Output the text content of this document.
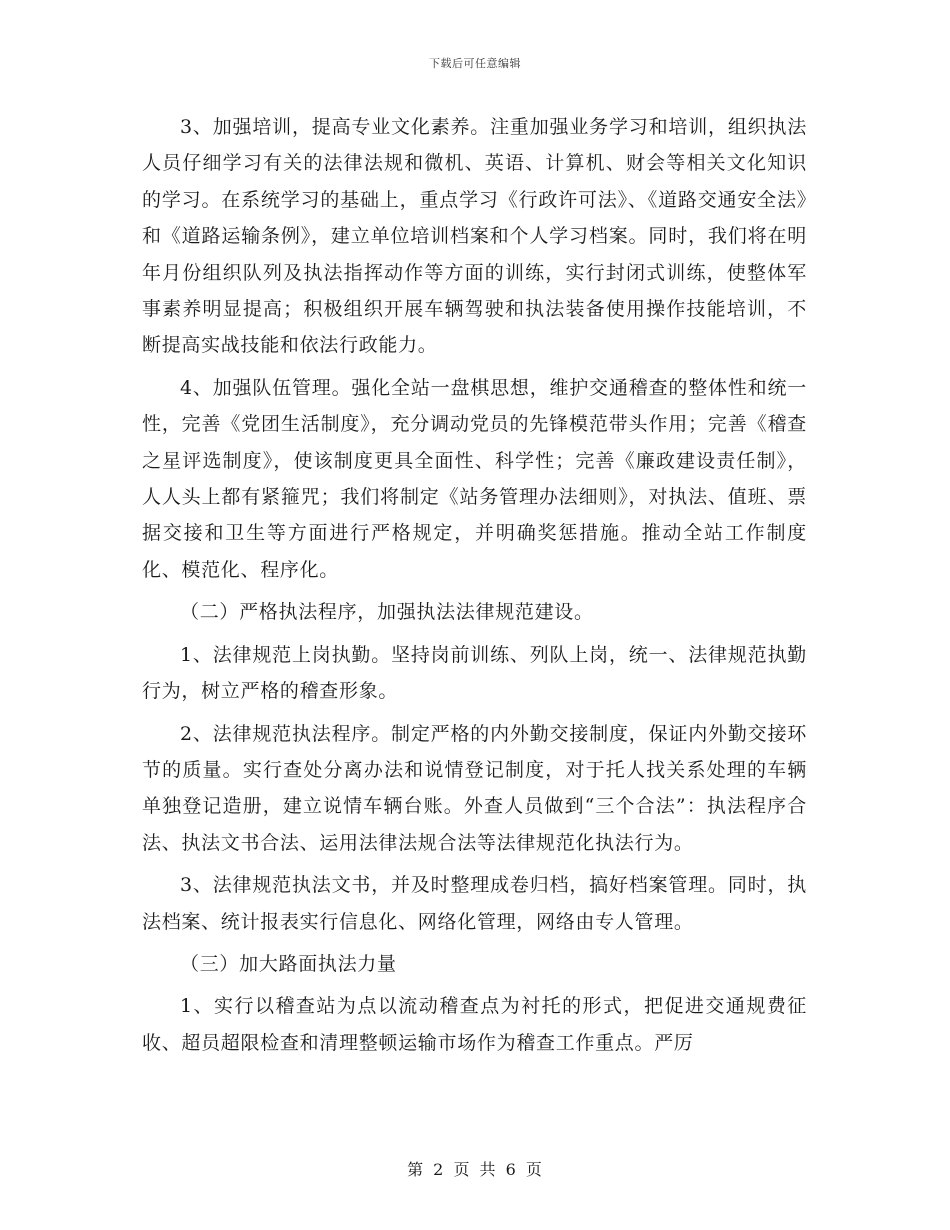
下载后可任意编辑

3、加强培训，提高专业文化素养。注重加强业务学习和培训，组织执法人员仔细学习有关的法律法规和微机、英语、计算机、财会等相关文化知识的学习。在系统学习的基础上，重点学习《行政许可法》、《道路交通安全法》和《道路运输条例》，建立单位培训档案和个人学习档案。同时，我们将在明年月份组织队列及执法指挥动作等方面的训练，实行封闭式训练，使整体军事素养明显提高；积极组织开展车辆驾驶和执法装备使用操作技能培训，不断提高实战技能和依法行政能力。

4、加强队伍管理。强化全站一盘棋思想，维护交通稽查的整体性和统一性，完善《党团生活制度》，充分调动党员的先锋模范带头作用；完善《稽查之星评选制度》，使该制度更具全面性、科学性；完善《廉政建设责任制》，人人头上都有紧箍咒；我们将制定《站务管理办法细则》，对执法、值班、票据交接和卫生等方面进行严格规定，并明确奖惩措施。推动全站工作制度化、模范化、程序化。

（二）严格执法程序，加强执法法律规范建设。

1、法律规范上岗执勤。坚持岗前训练、列队上岗，统一、法律规范执勤行为，树立严格的稽查形象。

2、法律规范执法程序。制定严格的内外勤交接制度，保证内外勤交接环节的质量。实行查处分离办法和说情登记制度，对于托人找关系处理的车辆单独登记造册，建立说情车辆台账。外查人员做到“三个合法”：执法程序合法、执法文书合法、运用法律法规合法等法律规范化执法行为。

3、法律规范执法文书，并及时整理成卷归档，搞好档案管理。同时，执法档案、统计报表实行信息化、网络化管理，网络由专人管理。

（三）加大路面执法力量

1、实行以稽查站为点以流动稽查点为衬托的形式，把促进交通规费征收、超员超限检查和清理整顿运输市场作为稽查工作重点。严厉

第 2 页 共 6 页
